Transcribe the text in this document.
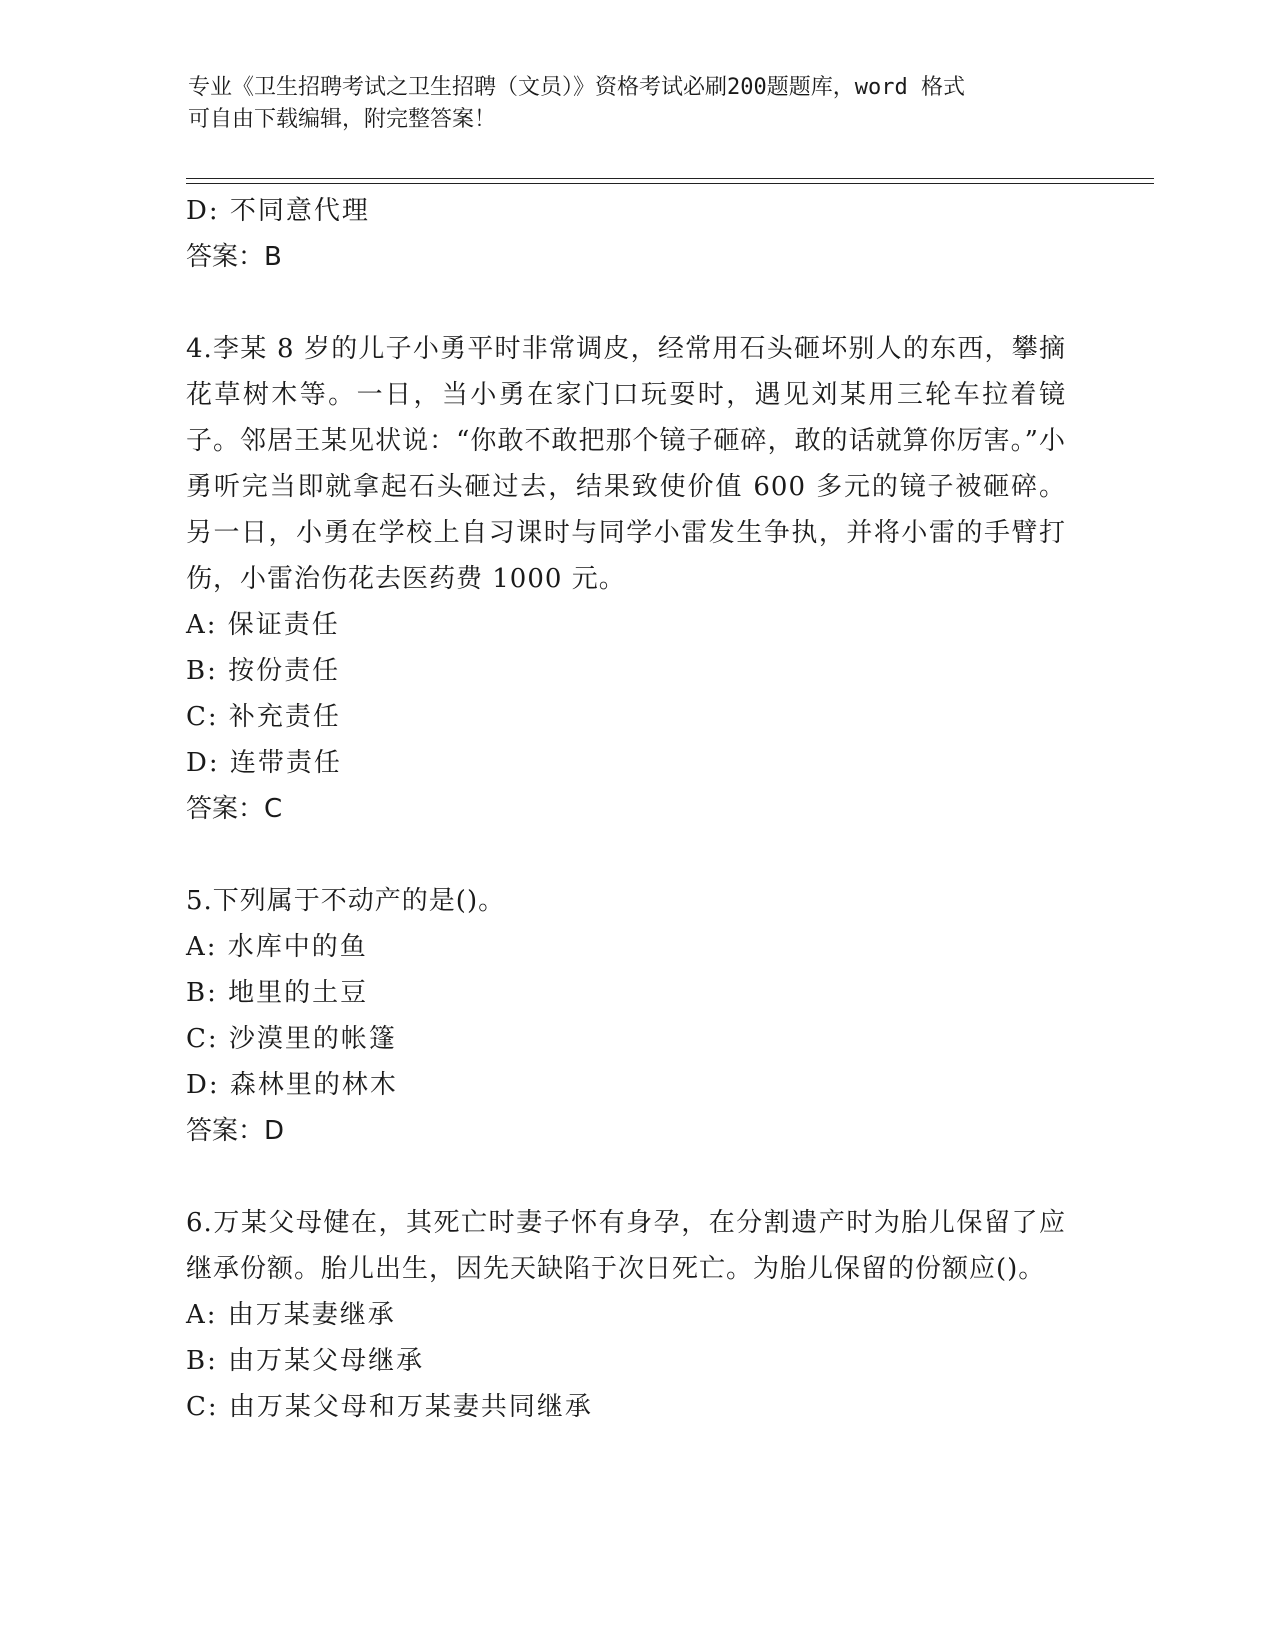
专业《卫生招聘考试之卫生招聘（文员）》资格考试必刷200题题库，word 格式
可自由下载编辑，附完整答案！
D: 不同意代理
答案：B
4.李某 8 岁的儿子小勇平时非常调皮，经常用石头砸坏别人的东西，攀摘花草树木等。一日，当小勇在家门口玩耍时，遇见刘某用三轮车拉着镜子。邻居王某见状说：“你敢不敢把那个镜子砸碎，敢的话就算你厉害。”小勇听完当即就拿起石头砸过去，结果致使价值 600 多元的镜子被砸碎。另一日，小勇在学校上自习课时与同学小雷发生争执，并将小雷的手臂打伤，小雷治伤花去医药费 1000 元。
A: 保证责任
B: 按份责任
C: 补充责任
D: 连带责任
答案：C
5.下列属于不动产的是()。
A: 水库中的鱼
B: 地里的土豆
C: 沙漠里的帐篷
D: 森林里的林木
答案：D
6.万某父母健在，其死亡时妻子怀有身孕，在分割遗产时为胎儿保留了应继承份额。胎儿出生，因先天缺陷于次日死亡。为胎儿保留的份额应()。
A: 由万某妻继承
B: 由万某父母继承
C: 由万某父母和万某妻共同继承
